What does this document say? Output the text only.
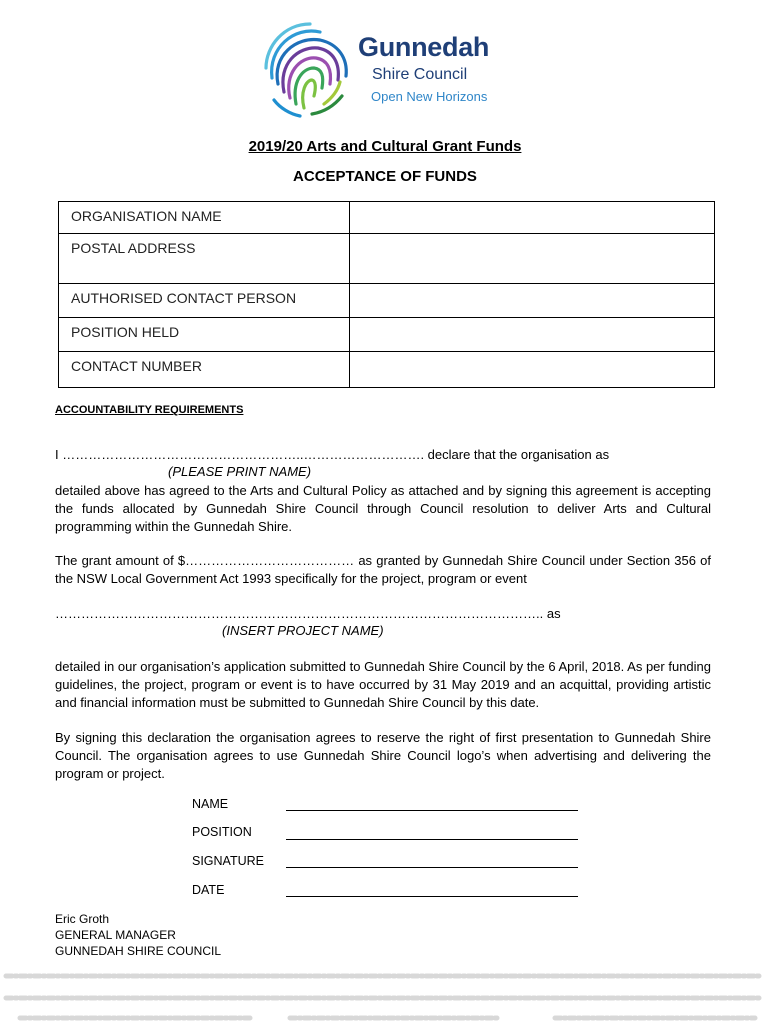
Gunnedah
Shire Council
Open New Horizons
2019/20 Arts and Cultural Grant Funds
ACCEPTANCE OF FUNDS
ORGANISATION NAME	
POSTAL ADDRESS	
AUTHORISED CONTACT PERSON	
POSITION HELD	
CONTACT NUMBER	
ACCOUNTABILITY REQUIREMENTS
I ………………………………………………..………………………. declare that the organisation as
(PLEASE PRINT NAME)
detailed above has agreed to the Arts and Cultural Policy as attached and by signing this agreement is accepting the funds allocated by Gunnedah Shire Council through Council resolution to deliver Arts and Cultural programming within the Gunnedah Shire.
The grant amount of $………………………………… as granted by Gunnedah Shire Council under Section 356 of the NSW Local Government Act 1993 specifically for the project, program or event
………………………………………………………………………………………………….. as
(INSERT PROJECT NAME)
detailed in our organisation’s application submitted to Gunnedah Shire Council by the 6 April, 2018. As per funding guidelines, the project, program or event is to have occurred by 31 May 2019 and an acquittal, providing artistic and financial information must be submitted to Gunnedah Shire Council by this date.
By signing this declaration the organisation agrees to reserve the right of first presentation to Gunnedah Shire Council. The organisation agrees to use Gunnedah Shire Council logo’s when advertising and delivering the program or project.
NAME
POSITION
SIGNATURE
DATE
Eric Groth
GENERAL MANAGER
GUNNEDAH SHIRE COUNCIL
